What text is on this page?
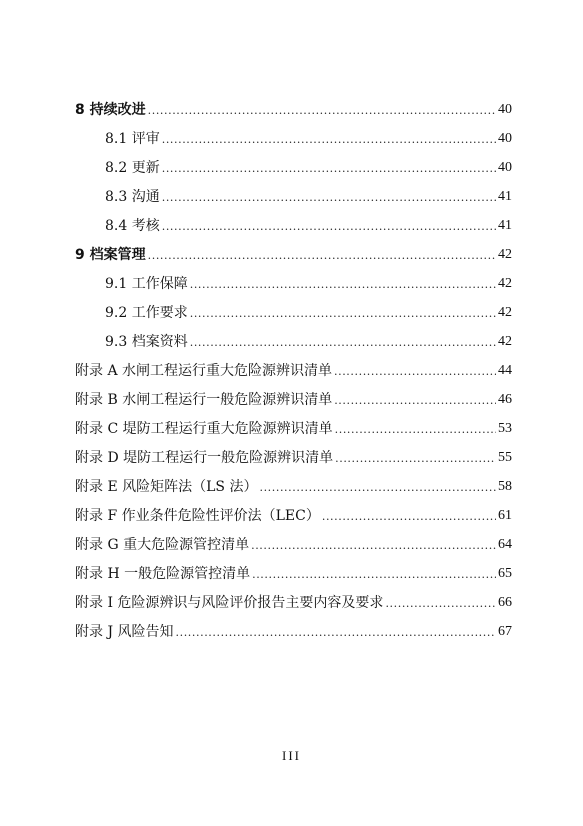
8 持续改进 .....	40
8.1 评审 .....	40
8.2 更新 .....	40
8.3 沟通 .....	41
8.4 考核 .....	41
9 档案管理 .....	42
9.1 工作保障 .....	42
9.2 工作要求 .....	42
9.3 档案资料 .....	42
附录 A 水闸工程运行重大危险源辨识清单 .....	44
附录 B 水闸工程运行一般危险源辨识清单 .....	46
附录 C 堤防工程运行重大危险源辨识清单 .....	53
附录 D 堤防工程运行一般危险源辨识清单 .....	55
附录 E 风险矩阵法（LS 法） .....	58
附录 F 作业条件危险性评价法（LEC） .....	61
附录 G 重大危险源管控清单 .....	64
附录 H 一般危险源管控清单 .....	65
附录 I 危险源辨识与风险评价报告主要内容及要求 .....	66
附录 J 风险告知 .....	67
III
